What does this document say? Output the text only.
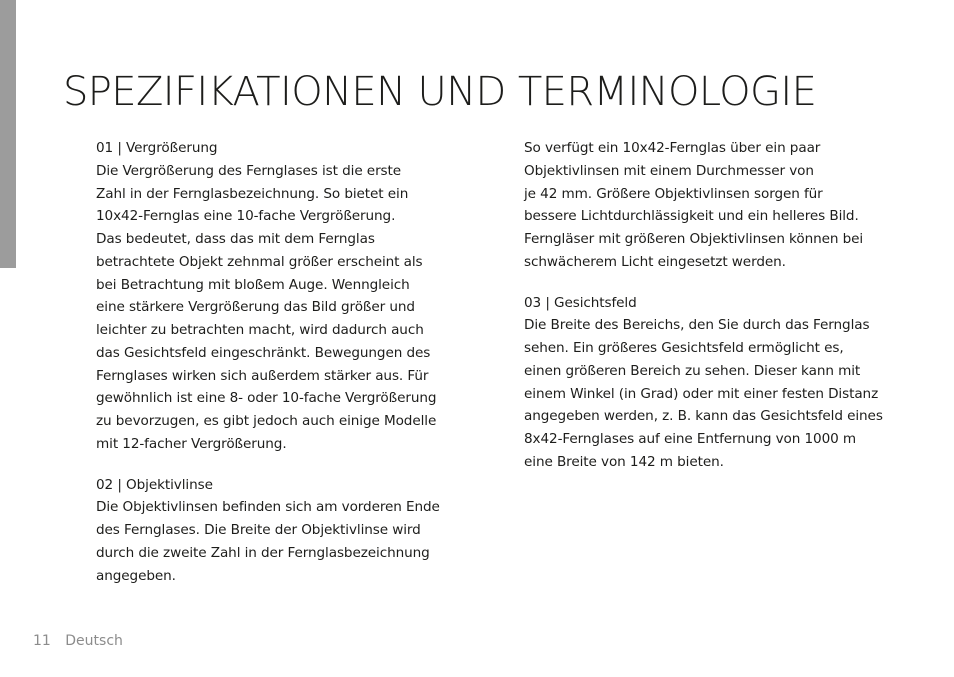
SPEZIFIKATIONEN UND TERMINOLOGIE
01 | Vergrößerung
Die Vergrößerung des Fernglases ist die erste
Zahl in der Fernglasbezeichnung. So bietet ein
10x42-Fernglas eine 10-fache Vergrößerung.
Das bedeutet, dass das mit dem Fernglas
betrachtete Objekt zehnmal größer erscheint als
bei Betrachtung mit bloßem Auge. Wenngleich
eine stärkere Vergrößerung das Bild größer und
leichter zu betrachten macht, wird dadurch auch
das Gesichtsfeld eingeschränkt. Bewegungen des
Fernglases wirken sich außerdem stärker aus. Für
gewöhnlich ist eine 8- oder 10-fache Vergrößerung
zu bevorzugen, es gibt jedoch auch einige Modelle
mit 12-facher Vergrößerung.
02 | Objektivlinse
Die Objektivlinsen befinden sich am vorderen Ende
des Fernglases. Die Breite der Objektivlinse wird
durch die zweite Zahl in der Fernglasbezeichnung
angegeben.
So verfügt ein 10x42-Fernglas über ein paar
Objektivlinsen mit einem Durchmesser von
je 42 mm. Größere Objektivlinsen sorgen für
bessere Lichtdurchlässigkeit und ein helleres Bild.
Ferngläser mit größeren Objektivlinsen können bei
schwächerem Licht eingesetzt werden.
03 | Gesichtsfeld
Die Breite des Bereichs, den Sie durch das Fernglas
sehen. Ein größeres Gesichtsfeld ermöglicht es,
einen größeren Bereich zu sehen. Dieser kann mit
einem Winkel (in Grad) oder mit einer festen Distanz
angegeben werden, z. B. kann das Gesichtsfeld eines
8x42-Fernglases auf eine Entfernung von 1000 m
eine Breite von 142 m bieten.
11 Deutsch
